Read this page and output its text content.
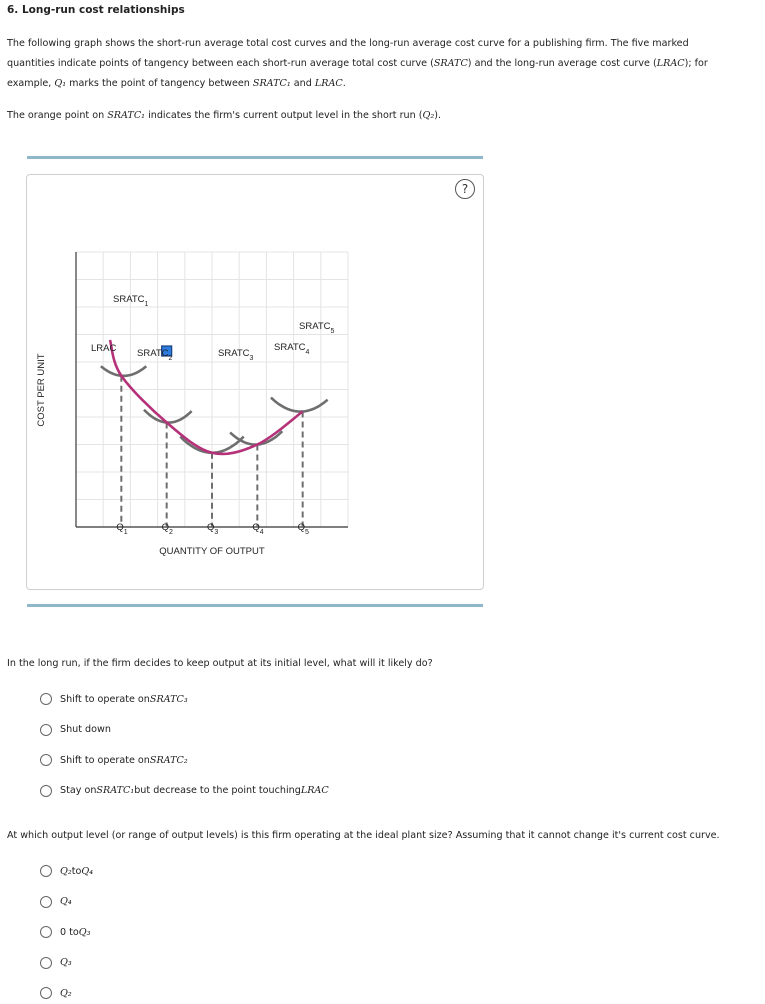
6. Long-run cost relationships
The following graph shows the short-run average total cost curves and the long-run average cost curve for a publishing firm. The five marked
quantities indicate points of tangency between each short-run average total cost curve (SRATC) and the long-run average cost curve (LRAC); for
example, Q₁ marks the point of tangency between SRATC₁ and LRAC.
The orange point on SRATC₁ indicates the firm's current output level in the short run (Q₂).
?
$Q_1$	$Q_2$	$Q_3$	$Q_4$	$Q_5$
$SRATC_1$
$SRATC_2$	$SRATC_3$
$SRATC_4$
$SRATC_5$
LRAC
QUANTITY OF OUTPUT
COST PER UNIT
In the long run, if the firm decides to keep output at its initial level, what will it likely do?
Shift to operate on SRATC₃
Shut down
Shift to operate on SRATC₂
Stay on SRATC₁ but decrease to the point touching LRAC
At which output level (or range of output levels) is this firm operating at the ideal plant size? Assuming that it cannot change it's current cost curve.
Q₂ to Q₄
Q₄
0 to Q₃
Q₃
Q₂
